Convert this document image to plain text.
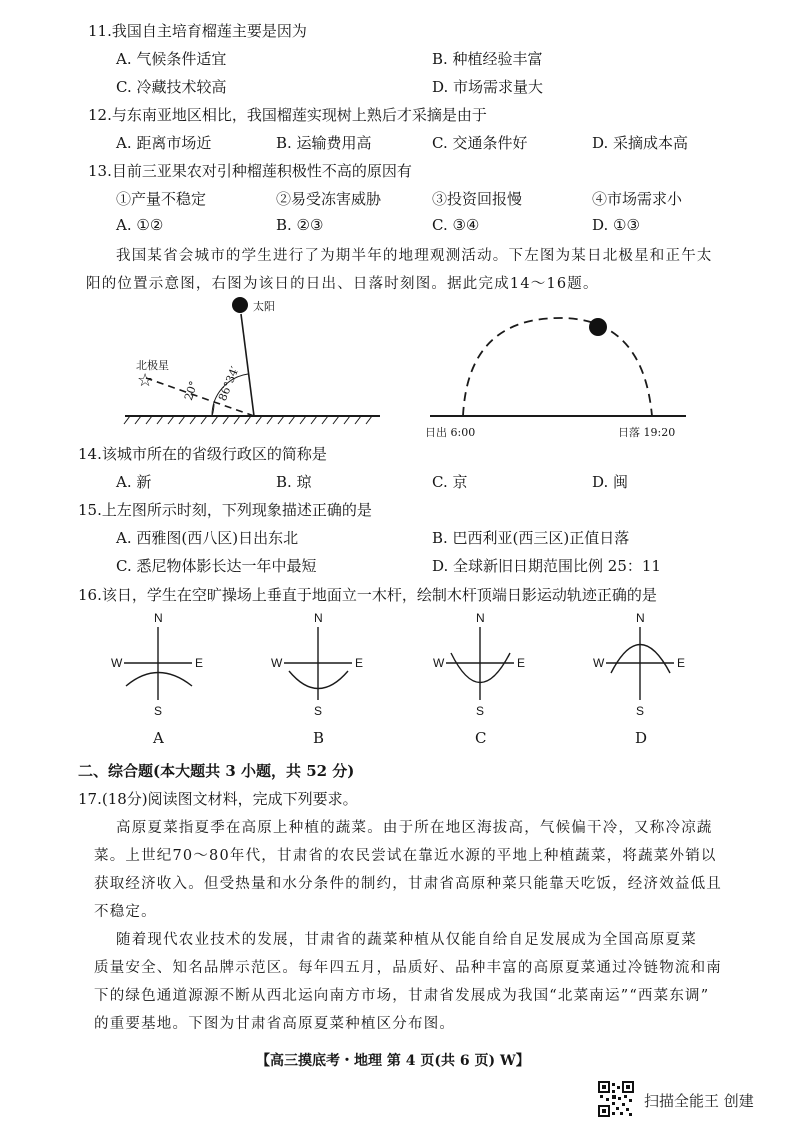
11.我国自主培育榴莲主要是因为
A. 气候条件适宜	B. 种植经验丰富
C. 冷藏技术较高	D. 市场需求量大
12.与东南亚地区相比，我国榴莲实现树上熟后才采摘是由于
A. 距离市场近	B. 运输费用高	C. 交通条件好	D. 采摘成本高
13.目前三亚果农对引种榴莲积极性不高的原因有
①产量不稳定	②易受冻害威胁	③投资回报慢	④市场需求小
A. ①②	B. ②③	C. ③④	D. ①③
我国某省会城市的学生进行了为期半年的地理观测活动。下左图为某日北极星和正午太
阳的位置示意图，右图为该日的日出、日落时刻图。据此完成14～16题。
☆
太阳
北极星
20° 86°34′
日出 6:00	日落 19:20
14.该城市所在的省级行政区的简称是
A. 新	B. 琼	C. 京	D. 闽
15.上左图所示时刻，下列现象描述正确的是
A. 西雅图(西八区)日出东北	B. 巴西利亚(西三区)正值日落
C. 悉尼物体影长达一年中最短	D. 全球新旧日期范围比例 25：11
16.该日，学生在空旷操场上垂直于地面立一木杆，绘制木杆顶端日影运动轨迹正确的是
N
S
W	E
A
N
S
W	E
B
N
S
W	E
C
N
S
W	E
D
二、综合题(本大题共 3 小题，共 52 分)
17.(18分)阅读图文材料，完成下列要求。
高原夏菜指夏季在高原上种植的蔬菜。由于所在地区海拔高，气候偏干冷，又称冷凉蔬
菜。上世纪70～80年代，甘肃省的农民尝试在靠近水源的平地上种植蔬菜，将蔬菜外销以
获取经济收入。但受热量和水分条件的制约，甘肃省高原种菜只能靠天吃饭，经济效益低且
不稳定。
随着现代农业技术的发展，甘肃省的蔬菜种植从仅能自给自足发展成为全国高原夏菜
质量安全、知名品牌示范区。每年四五月，品质好、品种丰富的高原夏菜通过冷链物流和南
下的绿色通道源源不断从西北运向南方市场，甘肃省发展成为我国“北菜南运”“西菜东调”
的重要基地。下图为甘肃省高原夏菜种植区分布图。
【高三摸底考・地理 第 4 页(共 6 页) W】
扫描全能王 创建
